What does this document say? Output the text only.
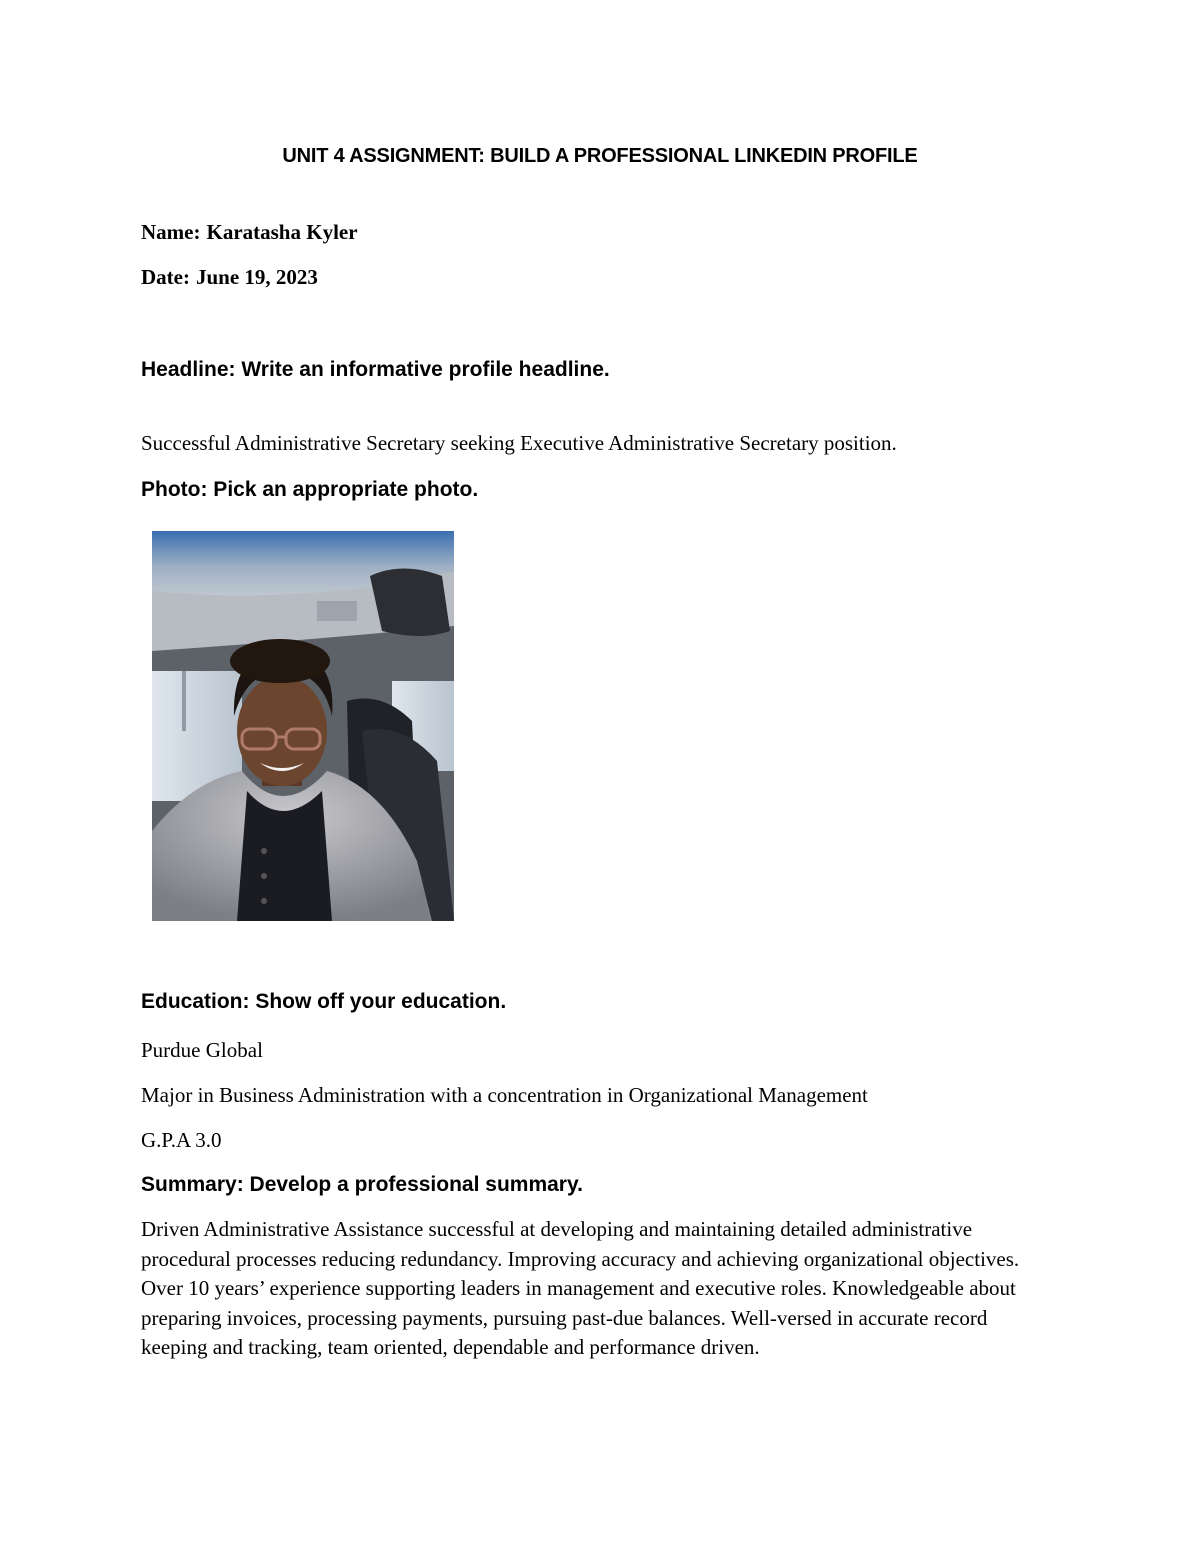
UNIT 4 ASSIGNMENT: BUILD A PROFESSIONAL LINKEDIN PROFILE

Name: Karatasha Kyler

Date: June 19, 2023

Headline: Write an informative profile headline.

Successful Administrative Secretary seeking Executive Administrative Secretary position.

Photo: Pick an appropriate photo.
Education: Show off your education.

Purdue Global

Major in Business Administration with a concentration in Organizational Management

G.P.A 3.0

Summary: Develop a professional summary.

Driven Administrative Assistance successful at developing and maintaining detailed administrative procedural processes reducing redundancy. Improving accuracy and achieving organizational objectives. Over 10 years’ experience supporting leaders in management and executive roles. Knowledgeable about preparing invoices, processing payments, pursuing past-due balances. Well-versed in accurate record keeping and tracking, team oriented, dependable and performance driven.
